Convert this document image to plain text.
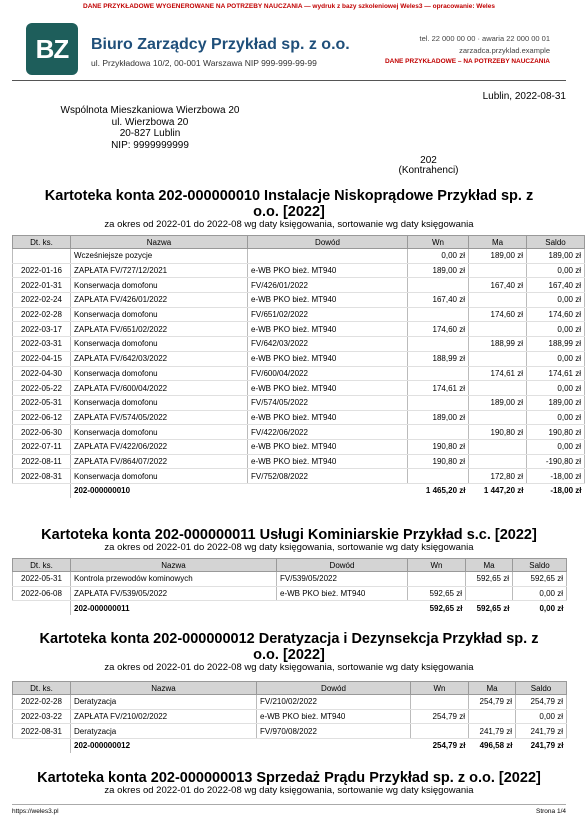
DANE PRZYKŁADOWE WYGENEROWANE NA POTRZEBY NAUCZANIA — wydruk z bazy szkoleniowej Weles3 — opracowanie: Weles
BZ	Biuro Zarządcy Przykład sp. z o.o.
ul. Przykładowa 10/2, 00-001 Warszawa NIP 999-999-99-99
tel. 22 000 00 00 · awaria 22 000 00 01
zarzadca.przyklad.example
DANE PRZYKŁADOWE – NA POTRZEBY NAUCZANIA
Lublin, 2022-08-31
Wspólnota Mieszkaniowa Wierzbowa 20
ul. Wierzbowa 20
20-827 Lublin
NIP: 9999999999
202
(Kontrahenci)
Kartoteka konta 202-000000010 Instalacje Niskoprądowe Przykład sp. z
o.o. [2022]
za okres od 2022-01 do 2022-08 wg daty księgowania, sortowanie wg daty księgowania
Dt. ks.	Nazwa	Dowód	Wn	Ma	Saldo
	Wcześniejsze pozycje		0,00 zł	189,00 zł	189,00 zł
2022-01-16	ZAPŁATA FV/727/12/2021	e-WB PKO bież. MT940	189,00 zł		0,00 zł
2022-01-31	Konserwacja domofonu	FV/426/01/2022		167,40 zł	167,40 zł
2022-02-24	ZAPŁATA FV/426/01/2022	e-WB PKO bież. MT940	167,40 zł		0,00 zł
2022-02-28	Konserwacja domofonu	FV/651/02/2022		174,60 zł	174,60 zł
2022-03-17	ZAPŁATA FV/651/02/2022	e-WB PKO bież. MT940	174,60 zł		0,00 zł
2022-03-31	Konserwacja domofonu	FV/642/03/2022		188,99 zł	188,99 zł
2022-04-15	ZAPŁATA FV/642/03/2022	e-WB PKO bież. MT940	188,99 zł		0,00 zł
2022-04-30	Konserwacja domofonu	FV/600/04/2022		174,61 zł	174,61 zł
2022-05-22	ZAPŁATA FV/600/04/2022	e-WB PKO bież. MT940	174,61 zł		0,00 zł
2022-05-31	Konserwacja domofonu	FV/574/05/2022		189,00 zł	189,00 zł
2022-06-12	ZAPŁATA FV/574/05/2022	e-WB PKO bież. MT940	189,00 zł		0,00 zł
2022-06-30	Konserwacja domofonu	FV/422/06/2022		190,80 zł	190,80 zł
2022-07-11	ZAPŁATA FV/422/06/2022	e-WB PKO bież. MT940	190,80 zł		0,00 zł
2022-08-11	ZAPŁATA FV/864/07/2022	e-WB PKO bież. MT940	190,80 zł		-190,80 zł
2022-08-31	Konserwacja domofonu	FV/752/08/2022		172,80 zł	-18,00 zł
	202-000000010		1 465,20 zł	1 447,20 zł	-18,00 zł
Kartoteka konta 202-000000011 Usługi Kominiarskie Przykład s.c. [2022]
za okres od 2022-01 do 2022-08 wg daty księgowania, sortowanie wg daty księgowania
Dt. ks.	Nazwa	Dowód	Wn	Ma	Saldo
2022-05-31	Kontrola przewodów kominowych	FV/539/05/2022		592,65 zł	592,65 zł
2022-06-08	ZAPŁATA FV/539/05/2022	e-WB PKO bież. MT940	592,65 zł		0,00 zł
	202-000000011		592,65 zł	592,65 zł	0,00 zł
Kartoteka konta 202-000000012 Deratyzacja i Dezynsekcja Przykład sp. z
o.o. [2022]
za okres od 2022-01 do 2022-08 wg daty księgowania, sortowanie wg daty księgowania
Dt. ks.	Nazwa	Dowód	Wn	Ma	Saldo
2022-02-28	Deratyzacja	FV/210/02/2022		254,79 zł	254,79 zł
2022-03-22	ZAPŁATA FV/210/02/2022	e-WB PKO bież. MT940	254,79 zł		0,00 zł
2022-08-31	Deratyzacja	FV/970/08/2022		241,79 zł	241,79 zł
	202-000000012		254,79 zł	496,58 zł	241,79 zł
Kartoteka konta 202-000000013 Sprzedaż Prądu Przykład sp. z o.o. [2022]
za okres od 2022-01 do 2022-08 wg daty księgowania, sortowanie wg daty księgowania
https://weles3.pl	Strona 1/4
